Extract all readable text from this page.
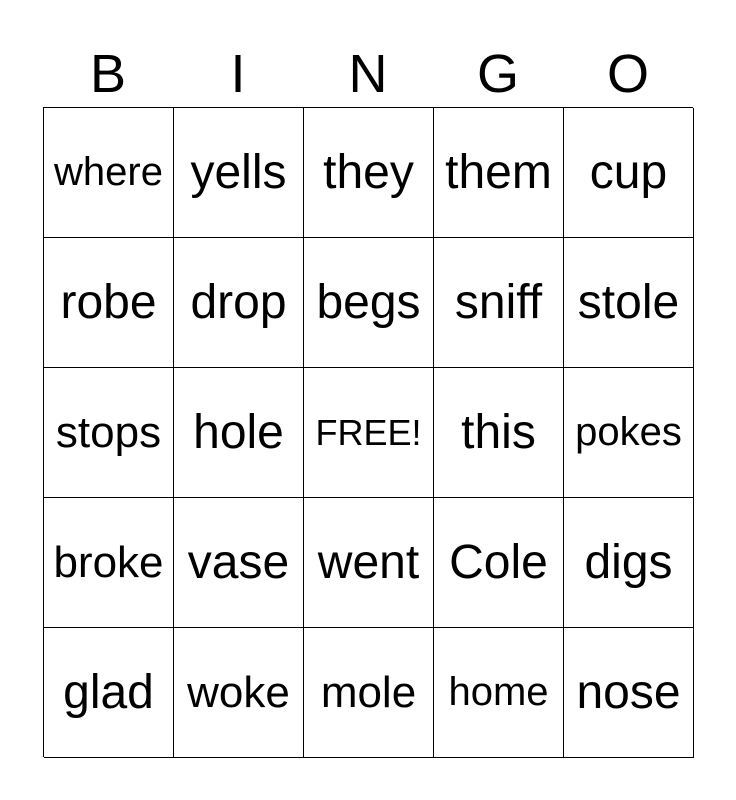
B	I	N	G	O
where yells they them cup
robe drop begs sniff stole
stops hole FREE! this pokes
broke vase went Cole digs
glad woke mole home nose
